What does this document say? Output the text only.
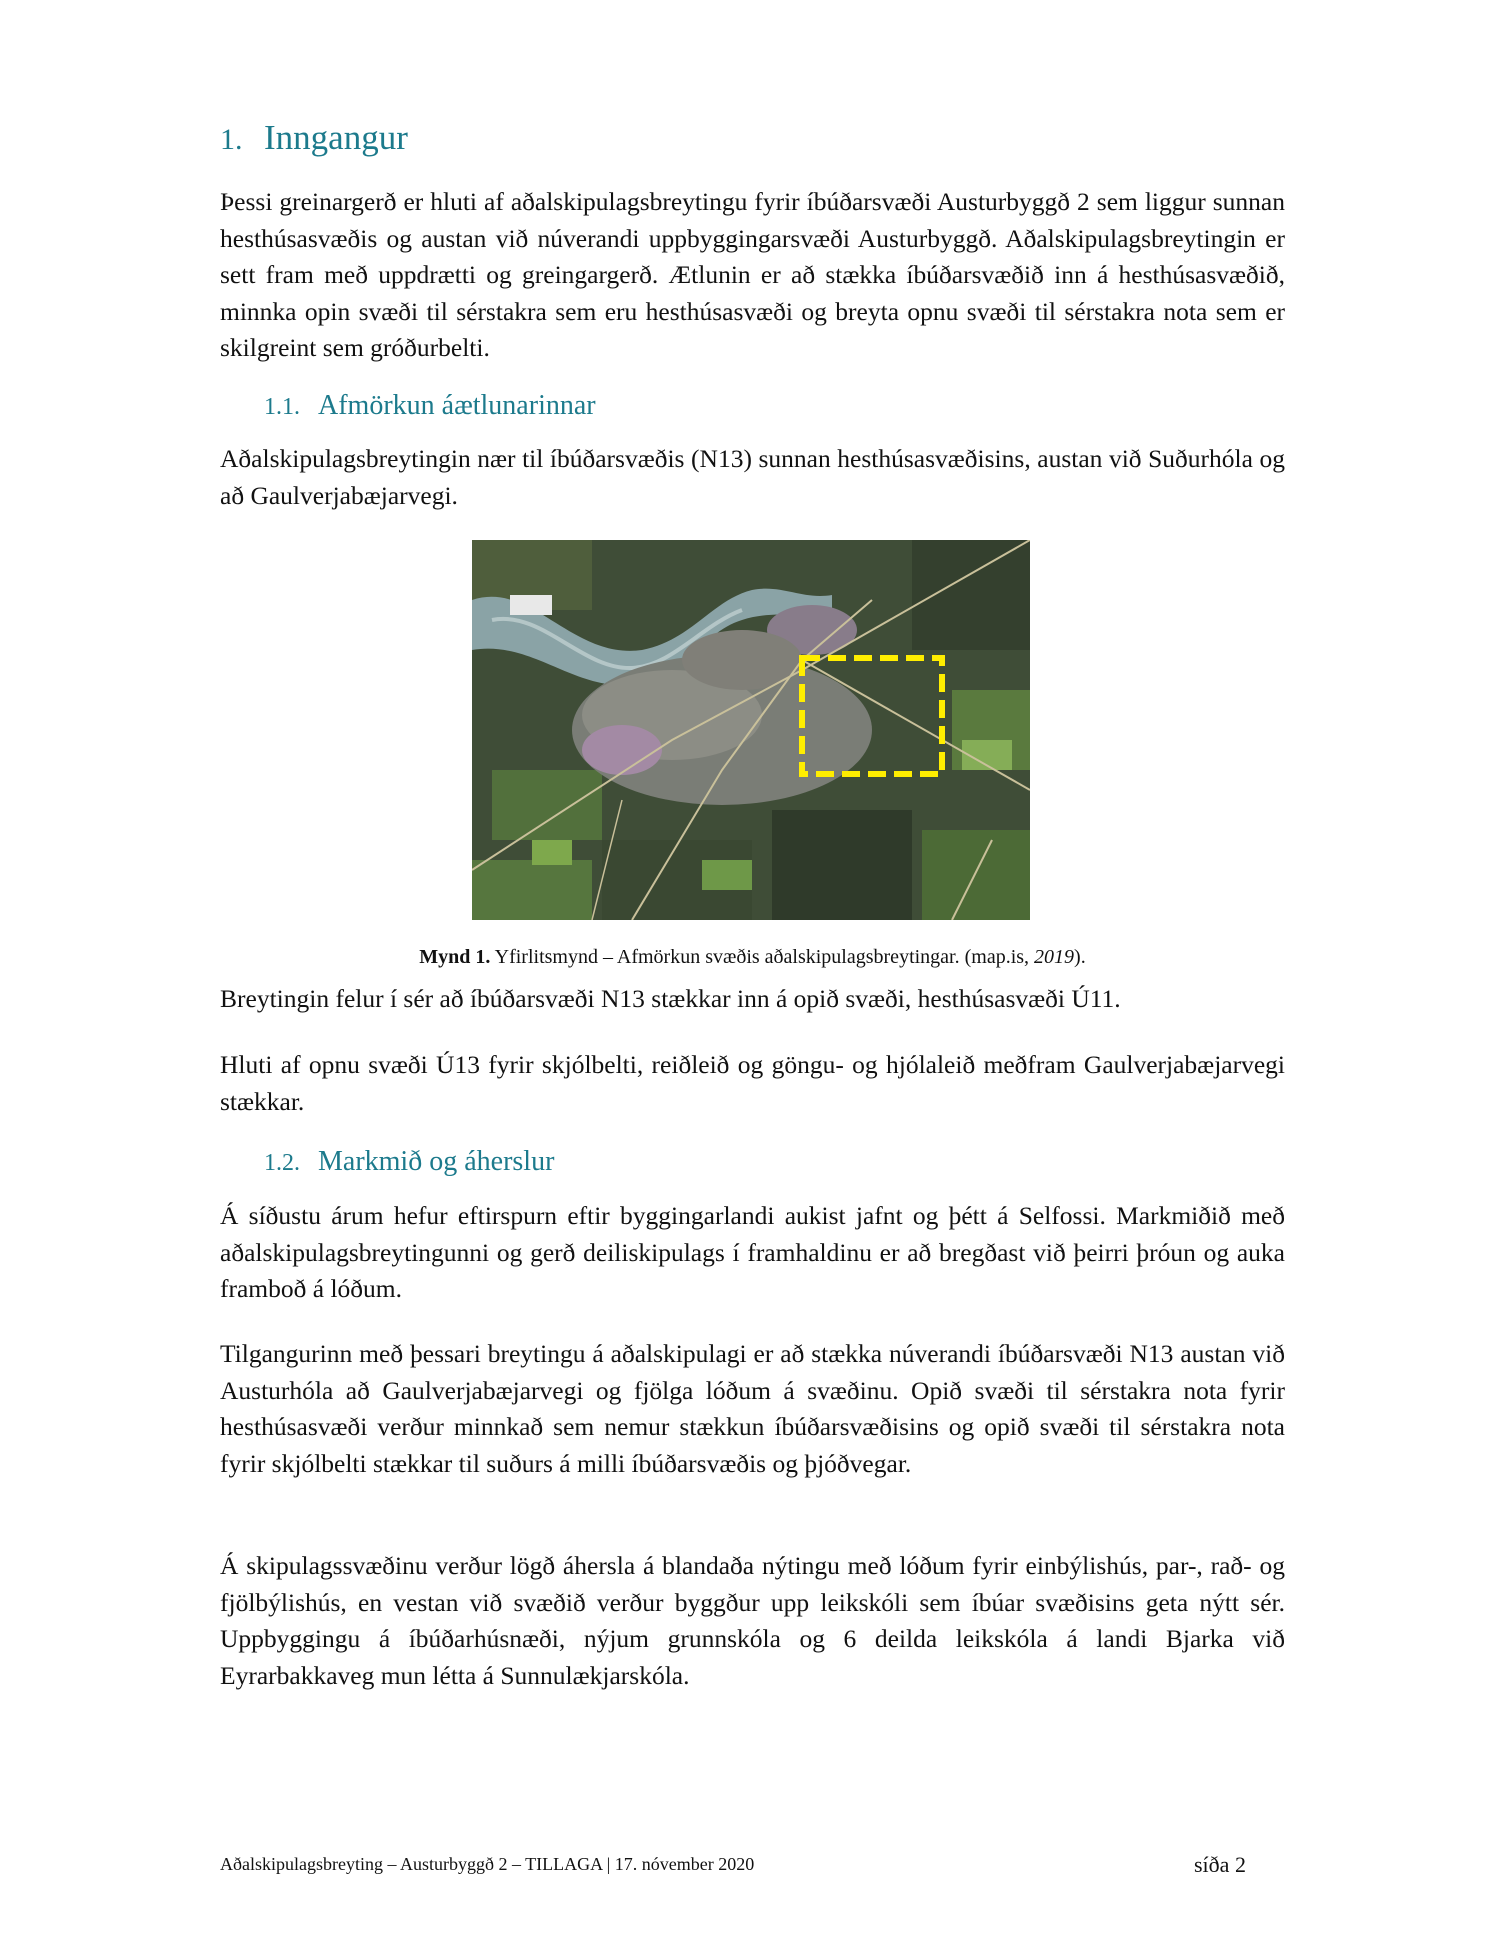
1. Inngangur

Þessi greinargerð er hluti af aðalskipulagsbreytingu fyrir íbúðarsvæði Austurbyggð 2 sem liggur sunnan hesthúsasvæðis og austan við núverandi uppbyggingarsvæði Austurbyggð. Aðalskipulagsbreytingin er sett fram með uppdrætti og greingargerð. Ætlunin er að stækka íbúðarsvæðið inn á hesthúsasvæðið, minnka opin svæði til sérstakra sem eru hesthúsasvæði og breyta opnu svæði til sérstakra nota sem er skilgreint sem gróðurbelti.

1.1. Afmörkun áætlunarinnar

Aðalskipulagsbreytingin nær til íbúðarsvæðis (N13) sunnan hesthúsasvæðisins, austan við Suðurhóla og að Gaulverjabæjarvegi.

Mynd 1. Yfirlitsmynd – Afmörkun svæðis aðalskipulagsbreytingar. (map.is, 2019).

Breytingin felur í sér að íbúðarsvæði N13 stækkar inn á opið svæði, hesthúsasvæði Ú11.

Hluti af opnu svæði Ú13 fyrir skjólbelti, reiðleið og göngu- og hjólaleið meðfram Gaulverjabæjarvegi stækkar.

1.2. Markmið og áherslur

Á síðustu árum hefur eftirspurn eftir byggingarlandi aukist jafnt og þétt á Selfossi. Markmiðið með aðalskipulagsbreytingunni og gerð deiliskipulags í framhaldinu er að bregðast við þeirri þróun og auka framboð á lóðum.

Tilgangurinn með þessari breytingu á aðalskipulagi er að stækka núverandi íbúðarsvæði N13 austan við Austurhóla að Gaulverjabæjarvegi og fjölga lóðum á svæðinu. Opið svæði til sérstakra nota fyrir hesthúsasvæði verður minnkað sem nemur stækkun íbúðarsvæðisins og opið svæði til sérstakra nota fyrir skjólbelti stækkar til suðurs á milli íbúðarsvæðis og þjóðvegar.

Á skipulagssvæðinu verður lögð áhersla á blandaða nýtingu með lóðum fyrir einbýlishús, par-, rað- og fjölbýlishús, en vestan við svæðið verður byggður upp leikskóli sem íbúar svæðisins geta nýtt sér. Uppbyggingu á íbúðarhúsnæði, nýjum grunnskóla og 6 deilda leikskóla á landi Bjarka við Eyrarbakkaveg mun létta á Sunnulækjarskóla.

Aðalskipulagsbreyting – Austurbyggð 2 – TILLAGA | 17. nóvember 2020	síða 2
